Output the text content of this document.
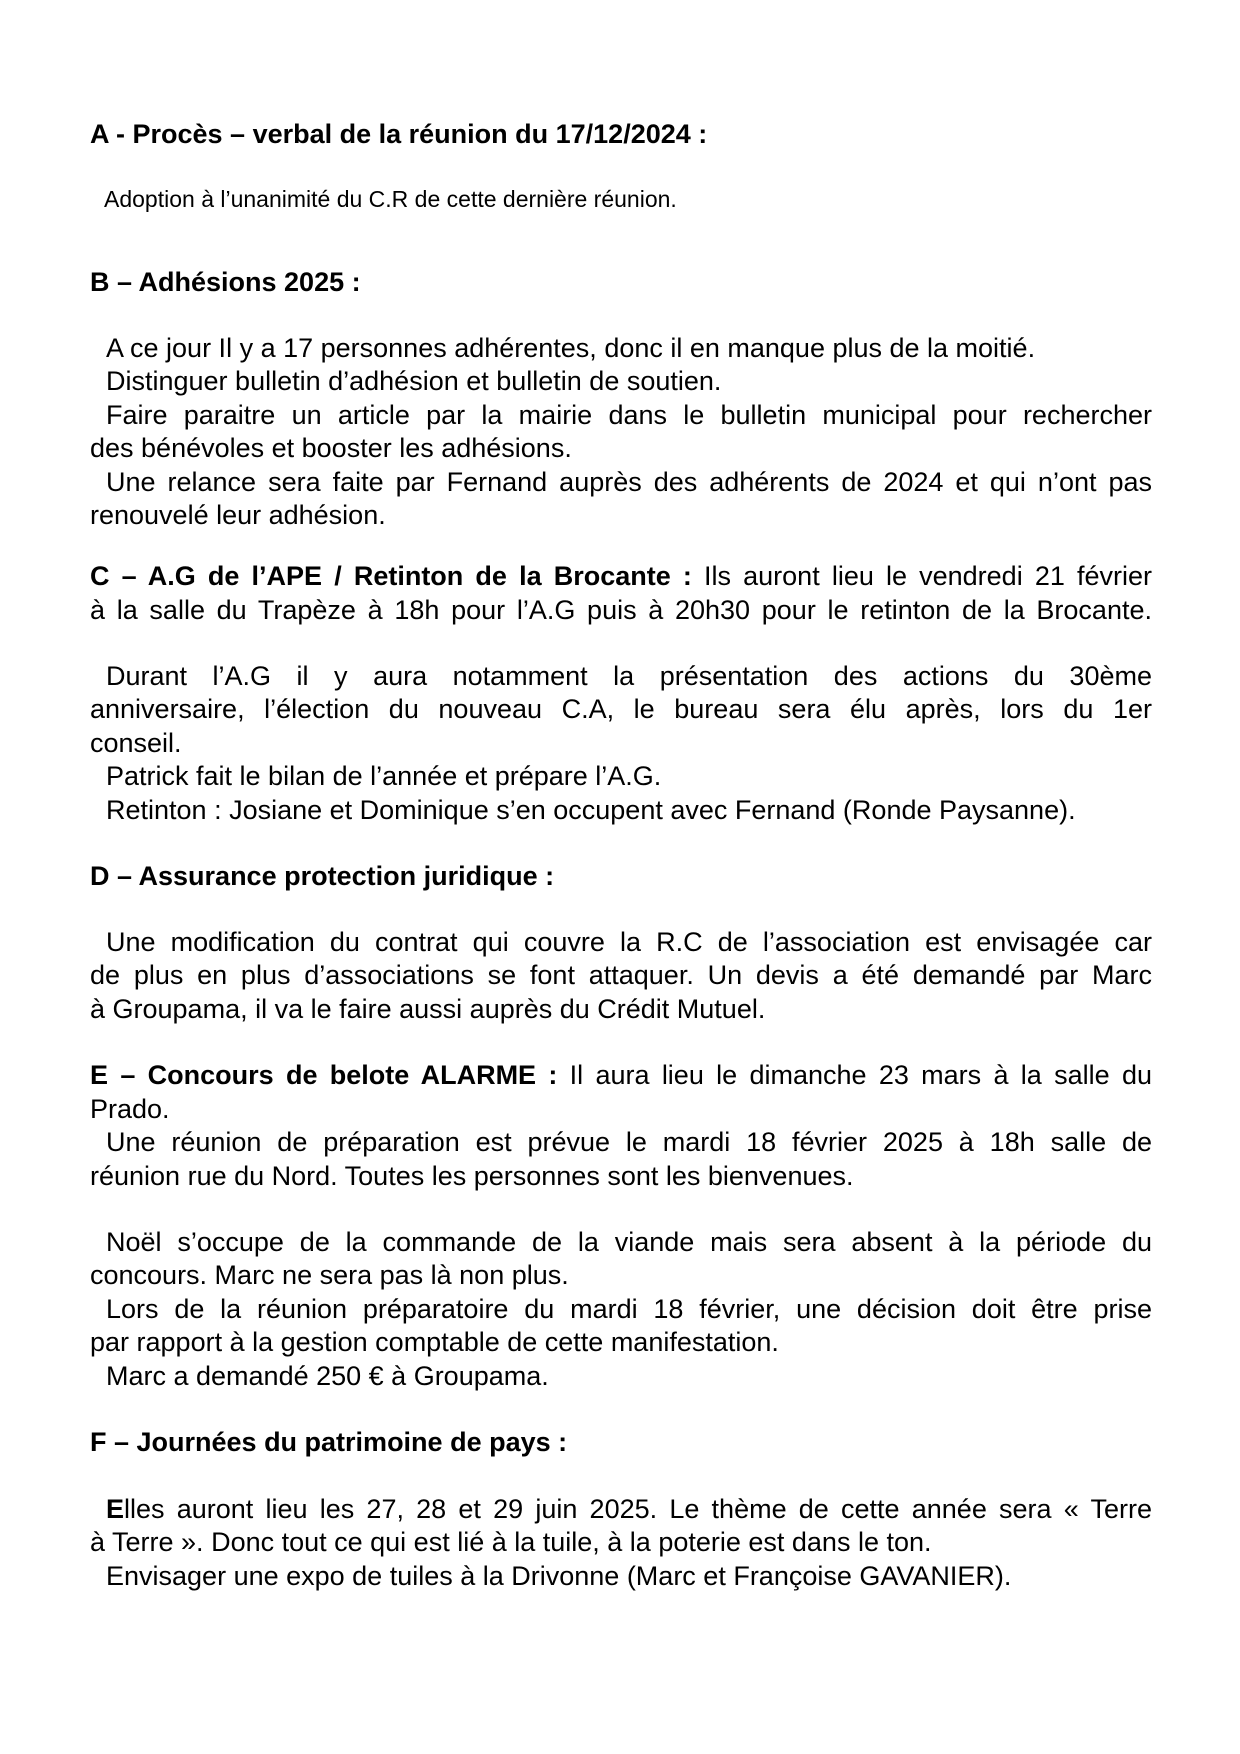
A - Procès – verbal de la réunion du 17/12/2024 :

Adoption à l’unanimité du C.R de cette dernière réunion.

B – Adhésions 2025 :

A ce jour Il y a 17 personnes adhérentes, donc il en manque plus de la moitié.

Distinguer bulletin d’adhésion et bulletin de soutien.

Faire paraitre un article par la mairie dans le bulletin municipal pour rechercher

des bénévoles et booster les adhésions.

Une relance sera faite par Fernand auprès des adhérents de 2024 et qui n’ont pas

renouvelé leur adhésion.

C – A.G de l’APE / Retinton de la Brocante : Ils auront lieu le vendredi 21 février

à la salle du Trapèze à 18h pour l’A.G puis à 20h30 pour le retinton de la Brocante.

Durant l’A.G il y aura notamment la présentation des actions du 30ème

anniversaire, l’élection du nouveau C.A, le bureau sera élu après, lors du 1er

conseil.

Patrick fait le bilan de l’année et prépare l’A.G.

Retinton : Josiane et Dominique s’en occupent avec Fernand (Ronde Paysanne).

D – Assurance protection juridique :

Une modification du contrat qui couvre la R.C de l’association est envisagée car

de plus en plus d’associations se font attaquer. Un devis a été demandé par Marc

à Groupama, il va le faire aussi auprès du Crédit Mutuel.

E – Concours de belote ALARME : Il aura lieu le dimanche 23 mars à la salle du

Prado.

Une réunion de préparation est prévue le mardi 18 février 2025 à 18h salle de

réunion rue du Nord. Toutes les personnes sont les bienvenues.

Noël s’occupe de la commande de la viande mais sera absent à la période du

concours. Marc ne sera pas là non plus.

Lors de la réunion préparatoire du mardi 18 février, une décision doit être prise

par rapport à la gestion comptable de cette manifestation.

Marc a demandé 250 € à Groupama.

F – Journées du patrimoine de pays :

Elles auront lieu les 27, 28 et 29 juin 2025. Le thème de cette année sera « Terre

à Terre ». Donc tout ce qui est lié à la tuile, à la poterie est dans le ton.

Envisager une expo de tuiles à la Drivonne (Marc et Françoise GAVANIER).
